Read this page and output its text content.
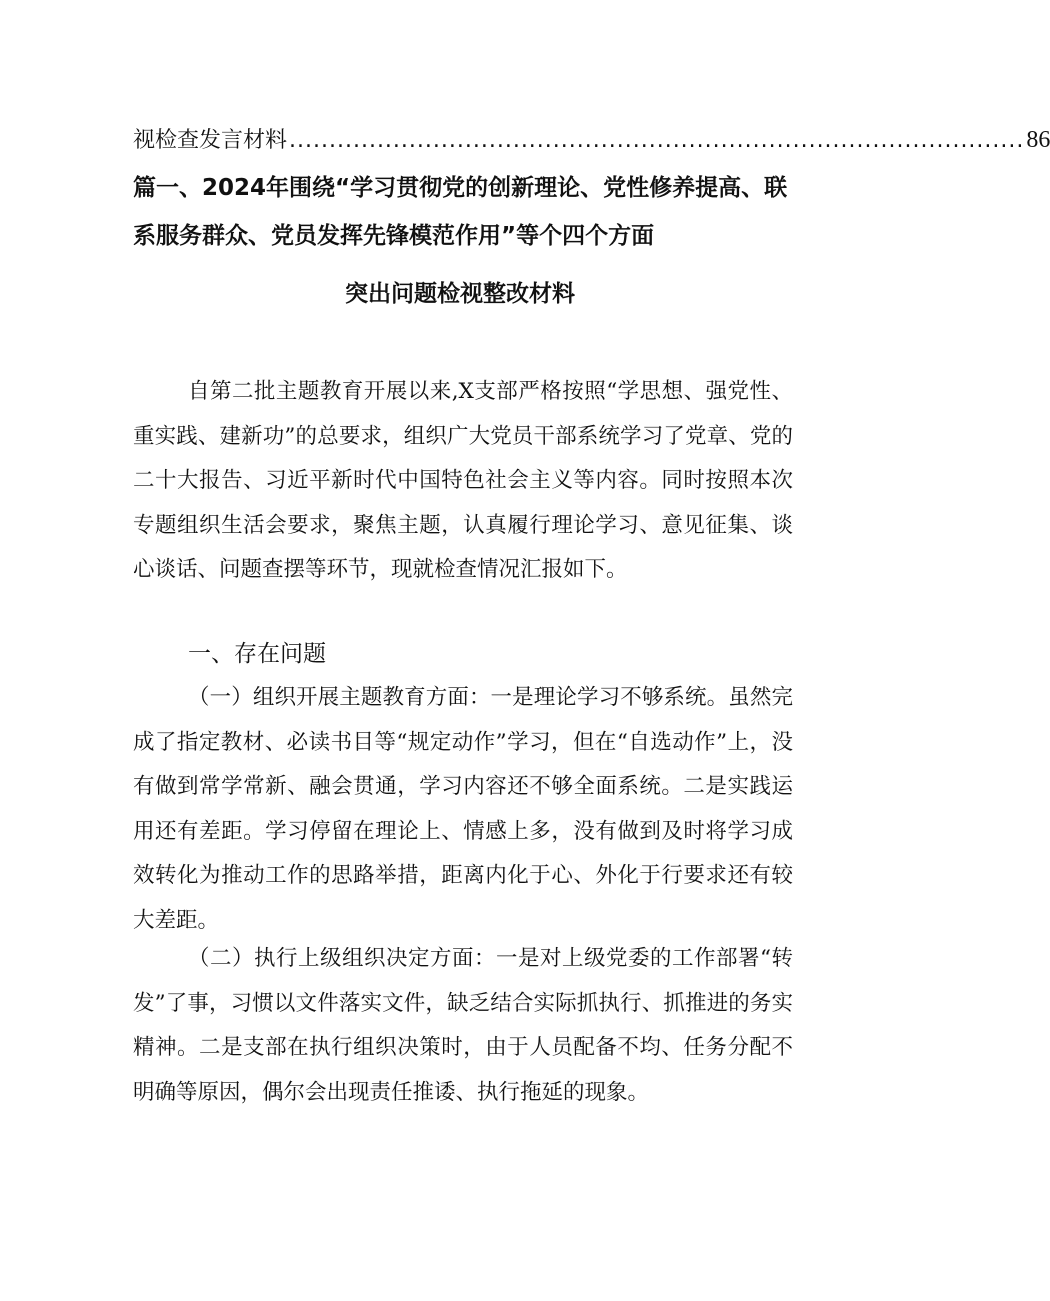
视检查发言材料 ............................................................................................ 86
篇一、2024年围绕“学习贯彻党的创新理论、党性修养提高、联
系服务群众、党员发挥先锋模范作用”等个四个方面
突出问题检视整改材料

自第二批主题教育开展以来,X支部严格按照“学思想、强党性、重实践、建新功”的总要求，组织广大党员干部系统学习了党章、党的二十大报告、习近平新时代中国特色社会主义等内容。同时按照本次专题组织生活会要求，聚焦主题，认真履行理论学习、意见征集、谈心谈话、问题查摆等环节，现就检查情况汇报如下。

一、存在问题

（一）组织开展主题教育方面：一是理论学习不够系统。虽然完成了指定教材、必读书目等“规定动作”学习，但在“自选动作”上，没有做到常学常新、融会贯通，学习内容还不够全面系统。二是实践运用还有差距。学习停留在理论上、情感上多，没有做到及时将学习成效转化为推动工作的思路举措，距离内化于心、外化于行要求还有较大差距。

（二）执行上级组织决定方面：一是对上级党委的工作部署“转发”了事，习惯以文件落实文件，缺乏结合实际抓执行、抓推进的务实精神。二是支部在执行组织决策时，由于人员配备不均、任务分配不明确等原因，偶尔会出现责任推诿、执行拖延的现象。
